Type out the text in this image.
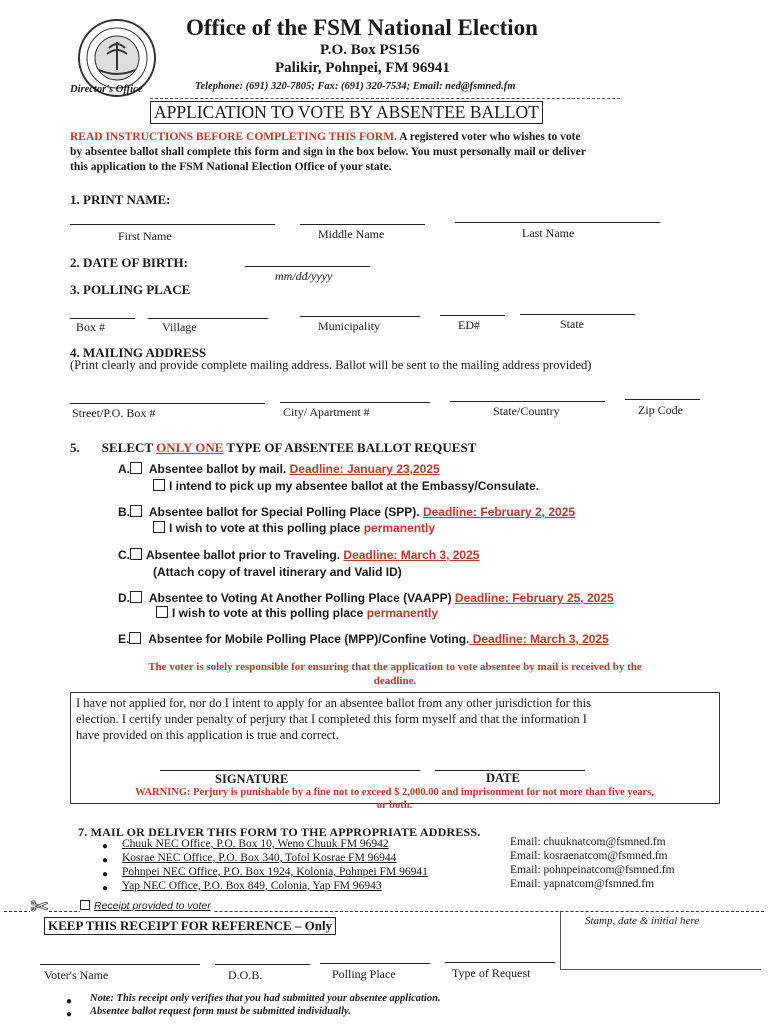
Office of the FSM National Election
P.O. Box PS156
Palikir, Pohnpei, FM 96941
Director's Office	Telephone: (691) 320-7805; Fax: (691) 320-7534; Email: ned@fsmned.fm
APPLICATION TO VOTE BY ABSENTEE BALLOT
READ INSTRUCTIONS BEFORE COMPLETING THIS FORM. A registered voter who wishes to vote
by absentee ballot shall complete this form and sign in the box below. You must personally mail or deliver
this application to the FSM National Election Office of your state.
1. PRINT NAME:
First Name	Middle Name	Last Name
2. DATE OF BIRTH:
mm/dd/yyyy
3. POLLING PLACE
Box #	Village	Municipality	ED#	State
4. MAILING ADDRESS
(Print clearly and provide complete mailing address. Ballot will be sent to the mailing address provided)
Street/P.O. Box #	City/ Apartment #	State/Country	Zip Code
5. SELECT ONLY ONE TYPE OF ABSENTEE BALLOT REQUEST
A. Absentee ballot by mail. Deadline: January 23,2025
I intend to pick up my absentee ballot at the Embassy/Consulate.
B. Absentee ballot for Special Polling Place (SPP). Deadline: February 2, 2025
I wish to vote at this polling place permanently
C. Absentee ballot prior to Traveling. Deadline: March 3, 2025
(Attach copy of travel itinerary and Valid ID)
D. Absentee to Voting At Another Polling Place (VAAPP) Deadline: February 25, 2025
I wish to vote at this polling place permanently
E. Absentee for Mobile Polling Place (MPP)/Confine Voting. Deadline: March 3, 2025
The voter is solely responsible for ensuring that the application to vote absentee by mail is received by the
deadline.
I have not applied for, nor do I intent to apply for an absentee ballot from any other jurisdiction for this
election. I certify under penalty of perjury that I completed this form myself and that the information I
have provided on this application is true and correct.
SIGNATURE	DATE
WARNING: Perjury is punishable by a fine not to exceed $ 2,000.00 and imprisonment for not more than five years,
or both.
7. MAIL OR DELIVER THIS FORM TO THE APPROPRIATE ADDRESS.
● Chuuk NEC Office, P.O. Box 10, Weno Chuuk FM 96942	Email: chuuknatcom@fsmned.fm
● Kosrae NEC Office, P.O. Box 340, Tofol Kosrae FM 96944	Email: kosraenatcom@fsmned.fm
● Pohnpei NEC Office, P.O. Box 1924, Kolonia, Pohnpei FM 96941	Email: pohnpeinatcom@fsmned.fm
● Yap NEC Office, P.O. Box 849, Colonia, Yap FM 96943	Email: yapnatcom@fsmned.fm
✄	Receipt provided to voter
KEEP THIS RECEIPT FOR REFERENCE – Only	Stamp, date & initial here
Voter's Name	D.O.B.	Polling Place	Type of Request
● Note: This receipt only verifies that you had submitted your absentee application.
● Absentee ballot request form must be submitted individually.
